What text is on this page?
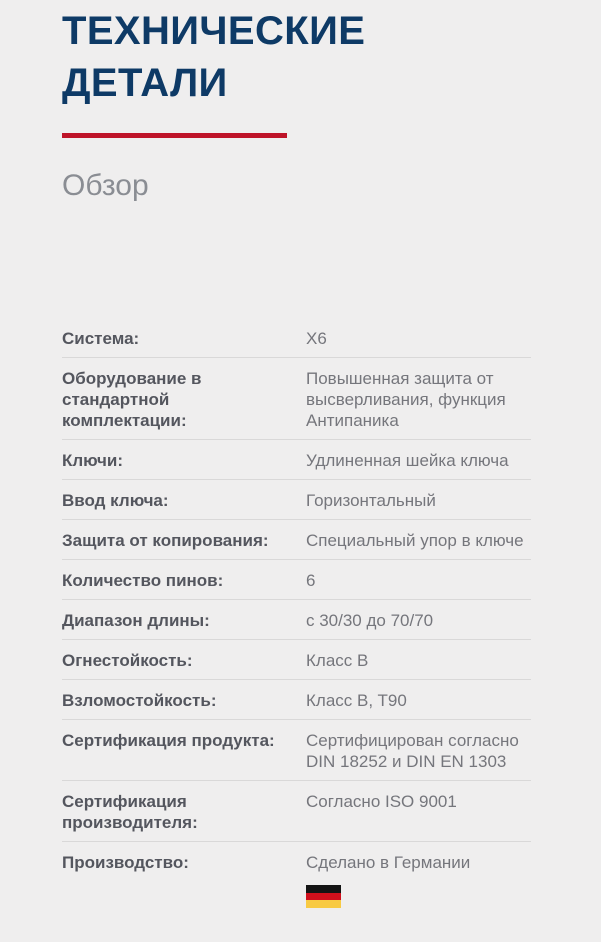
ТЕХНИЧЕСКИЕ ДЕТАЛИ
Обзор
Система:	X6
Оборудование в стандартной комплектации:
Повышенная защита от высверливания, функция Антипаника
Ключи:	Удлиненная шейка ключа
Ввод ключа:	Горизонтальный
Защита от копирования:	Специальный упор в ключе
Количество пинов:	6
Диапазон длины:	с 30/30 до 70/70
Огнестойкость:	Класс B
Взломостойкость:	Класс B, T90
Сертификация продукта:	Сертифицирован согласно DIN 18252 и DIN EN 1303
Сертификация производителя:
Согласно ISO 9001
Производство:	Сделано в Германии
